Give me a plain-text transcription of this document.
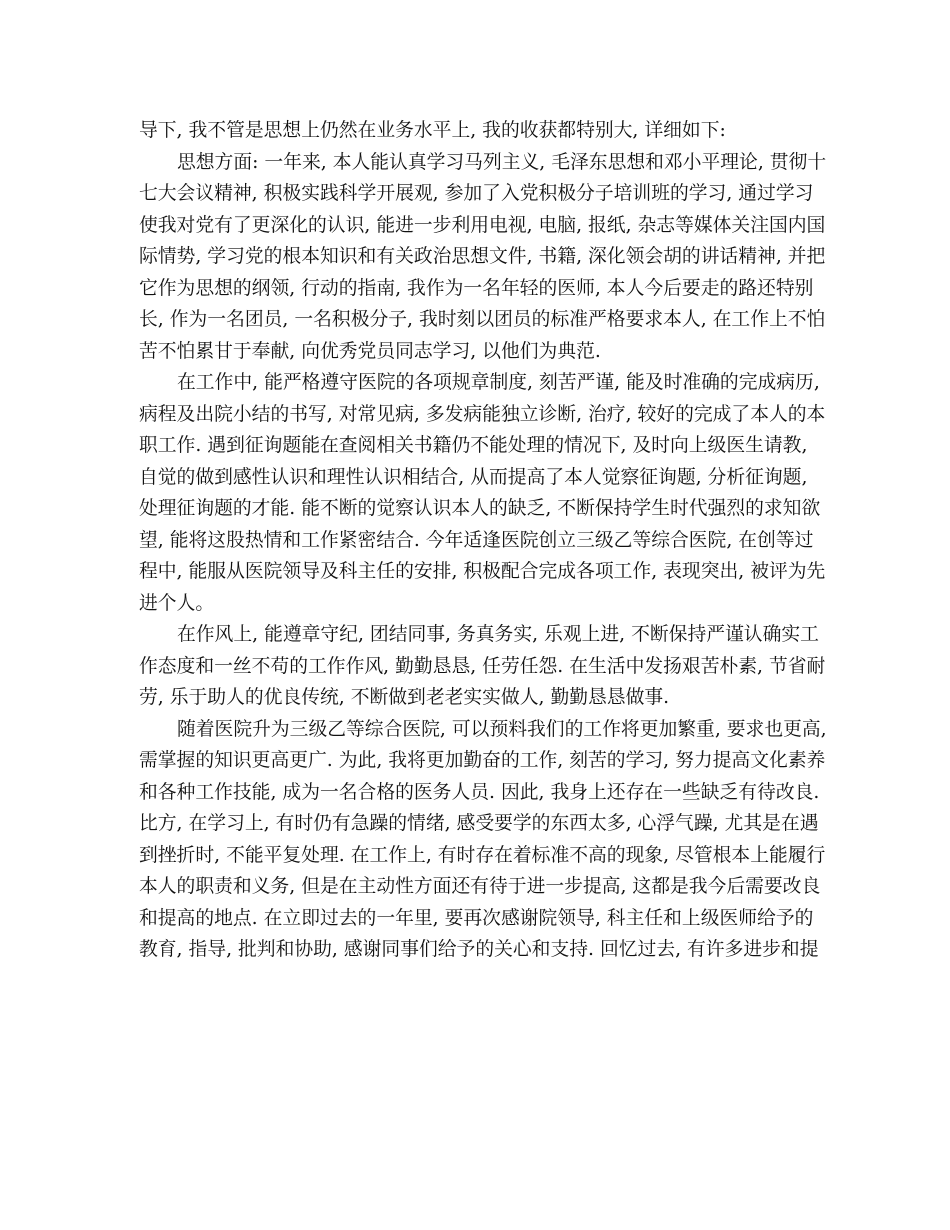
导下, 我不管是思想上仍然在业务水平上, 我的收获都特别大, 详细如下:
思想方面: 一年来, 本人能认真学习马列主义, 毛泽东思想和邓小平理论, 贯彻十
七大会议精神, 积极实践科学开展观, 参加了入党积极分子培训班的学习, 通过学习
使我对党有了更深化的认识, 能进一步利用电视, 电脑, 报纸, 杂志等媒体关注国内国
际情势, 学习党的根本知识和有关政治思想文件, 书籍, 深化领会胡的讲话精神, 并把
它作为思想的纲领, 行动的指南, 我作为一名年轻的医师, 本人今后要走的路还特别
长, 作为一名团员, 一名积极分子, 我时刻以团员的标准严格要求本人, 在工作上不怕
苦不怕累甘于奉献, 向优秀党员同志学习, 以他们为典范.
在工作中, 能严格遵守医院的各项规章制度, 刻苦严谨, 能及时准确的完成病历,
病程及出院小结的书写, 对常见病, 多发病能独立诊断, 治疗, 较好的完成了本人的本
职工作. 遇到征询题能在查阅相关书籍仍不能处理的情况下, 及时向上级医生请教,
自觉的做到感性认识和理性认识相结合, 从而提高了本人觉察征询题, 分析征询题,
处理征询题的才能. 能不断的觉察认识本人的缺乏, 不断保持学生时代强烈的求知欲
望, 能将这股热情和工作紧密结合. 今年适逢医院创立三级乙等综合医院, 在创等过
程中, 能服从医院领导及科主任的安排, 积极配合完成各项工作, 表现突出, 被评为先
进个人。
在作风上, 能遵章守纪, 团结同事, 务真务实, 乐观上进, 不断保持严谨认确实工
作态度和一丝不苟的工作作风, 勤勤恳恳, 任劳任怨. 在生活中发扬艰苦朴素, 节省耐
劳, 乐于助人的优良传统, 不断做到老老实实做人, 勤勤恳恳做事.
随着医院升为三级乙等综合医院, 可以预料我们的工作将更加繁重, 要求也更高,
需掌握的知识更高更广. 为此, 我将更加勤奋的工作, 刻苦的学习, 努力提高文化素养
和各种工作技能, 成为一名合格的医务人员. 因此, 我身上还存在一些缺乏有待改良.
比方, 在学习上, 有时仍有急躁的情绪, 感受要学的东西太多, 心浮气躁, 尤其是在遇
到挫折时, 不能平复处理. 在工作上, 有时存在着标准不高的现象, 尽管根本上能履行
本人的职责和义务, 但是在主动性方面还有待于进一步提高, 这都是我今后需要改良
和提高的地点. 在立即过去的一年里, 要再次感谢院领导, 科主任和上级医师给予的
教育, 指导, 批判和协助, 感谢同事们给予的关心和支持. 回忆过去, 有许多进步和提
